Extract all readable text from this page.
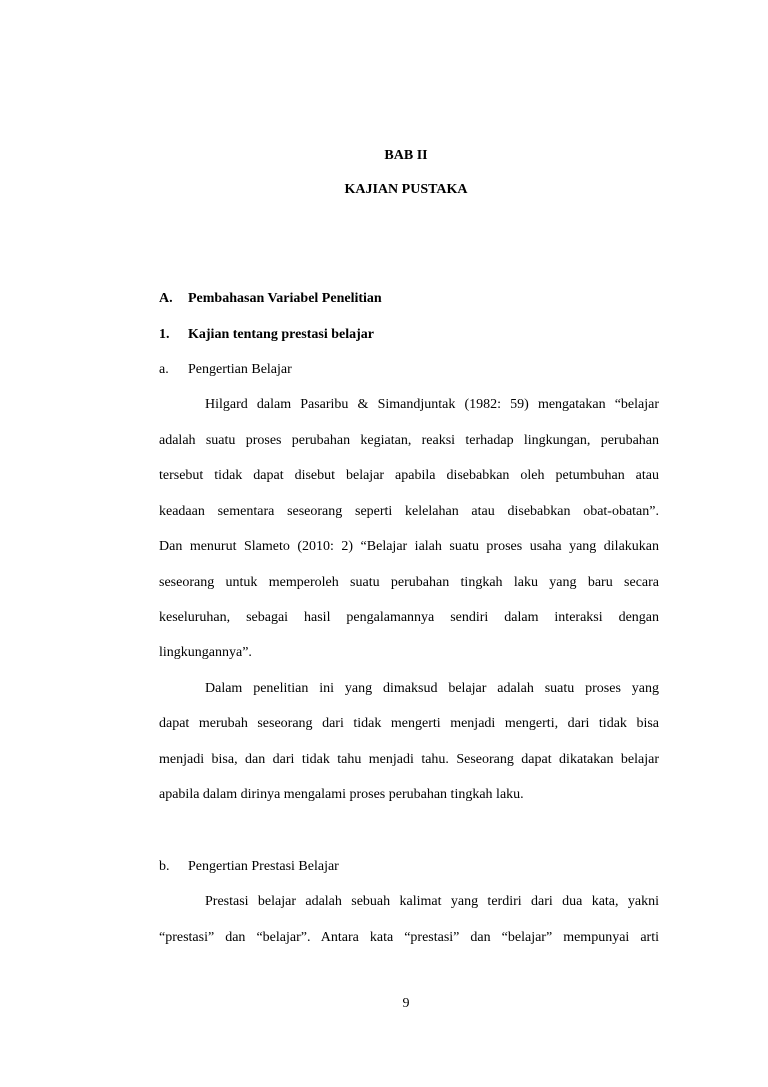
BAB II
KAJIAN PUSTAKA
A. Pembahasan Variabel Penelitian
1. Kajian tentang prestasi belajar
a. Pengertian Belajar
Hilgard dalam Pasaribu & Simandjuntak (1982: 59) mengatakan “belajar
adalah suatu proses perubahan kegiatan, reaksi terhadap lingkungan, perubahan
tersebut tidak dapat disebut belajar apabila disebabkan oleh petumbuhan atau
keadaan sementara seseorang seperti kelelahan atau disebabkan obat-obatan”.
Dan menurut Slameto (2010: 2) “Belajar ialah suatu proses usaha yang dilakukan
seseorang untuk memperoleh suatu perubahan tingkah laku yang baru secara
keseluruhan, sebagai hasil pengalamannya sendiri dalam interaksi dengan
lingkungannya”.
Dalam penelitian ini yang dimaksud belajar adalah suatu proses yang
dapat merubah seseorang dari tidak mengerti menjadi mengerti, dari tidak bisa
menjadi bisa, dan dari tidak tahu menjadi tahu. Seseorang dapat dikatakan belajar
apabila dalam dirinya mengalami proses perubahan tingkah laku.
b. Pengertian Prestasi Belajar
Prestasi belajar adalah sebuah kalimat yang terdiri dari dua kata, yakni
“prestasi” dan “belajar”. Antara kata “prestasi” dan “belajar” mempunyai arti
9
